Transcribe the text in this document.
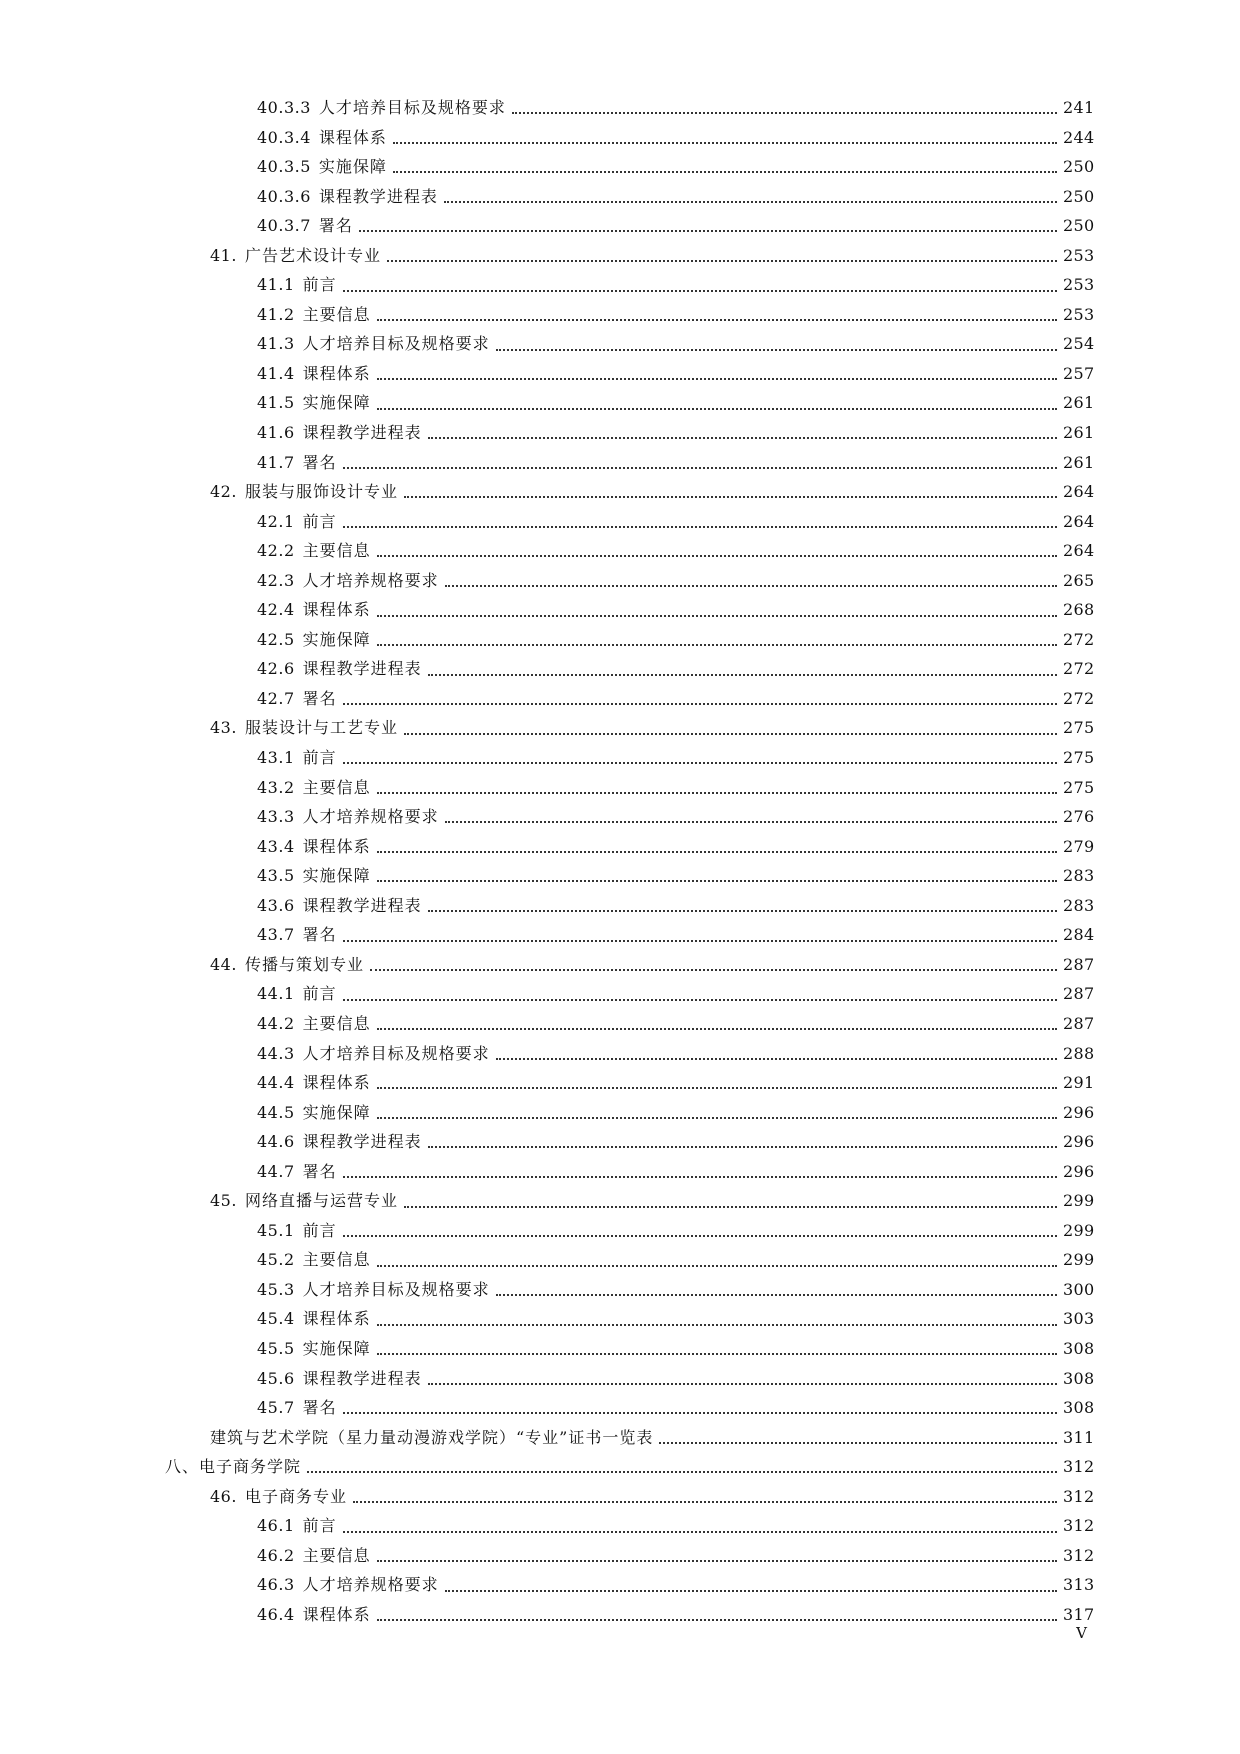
40.3.3 人才培养目标及规格要求	241
40.3.4 课程体系	244
40.3.5 实施保障	250
40.3.6 课程教学进程表	250
40.3.7 署名	250
41. 广告艺术设计专业	253
41.1 前言	253
41.2 主要信息	253
41.3 人才培养目标及规格要求	254
41.4 课程体系	257
41.5 实施保障	261
41.6 课程教学进程表	261
41.7 署名	261
42. 服装与服饰设计专业	264
42.1 前言	264
42.2 主要信息	264
42.3 人才培养规格要求	265
42.4 课程体系	268
42.5 实施保障	272
42.6 课程教学进程表	272
42.7 署名	272
43. 服装设计与工艺专业	275
43.1 前言	275
43.2 主要信息	275
43.3 人才培养规格要求	276
43.4 课程体系	279
43.5 实施保障	283
43.6 课程教学进程表	283
43.7 署名	284
44. 传播与策划专业	287
44.1 前言	287
44.2 主要信息	287
44.3 人才培养目标及规格要求	288
44.4 课程体系	291
44.5 实施保障	296
44.6 课程教学进程表	296
44.7 署名	296
45. 网络直播与运营专业	299
45.1 前言	299
45.2 主要信息	299
45.3 人才培养目标及规格要求	300
45.4 课程体系	303
45.5 实施保障	308
45.6 课程教学进程表	308
45.7 署名	308
建筑与艺术学院（星力量动漫游戏学院）“专业”证书一览表	311
八、电子商务学院	312
46. 电子商务专业	312
46.1 前言	312
46.2 主要信息	312
46.3 人才培养规格要求	313
46.4 课程体系	317
V
